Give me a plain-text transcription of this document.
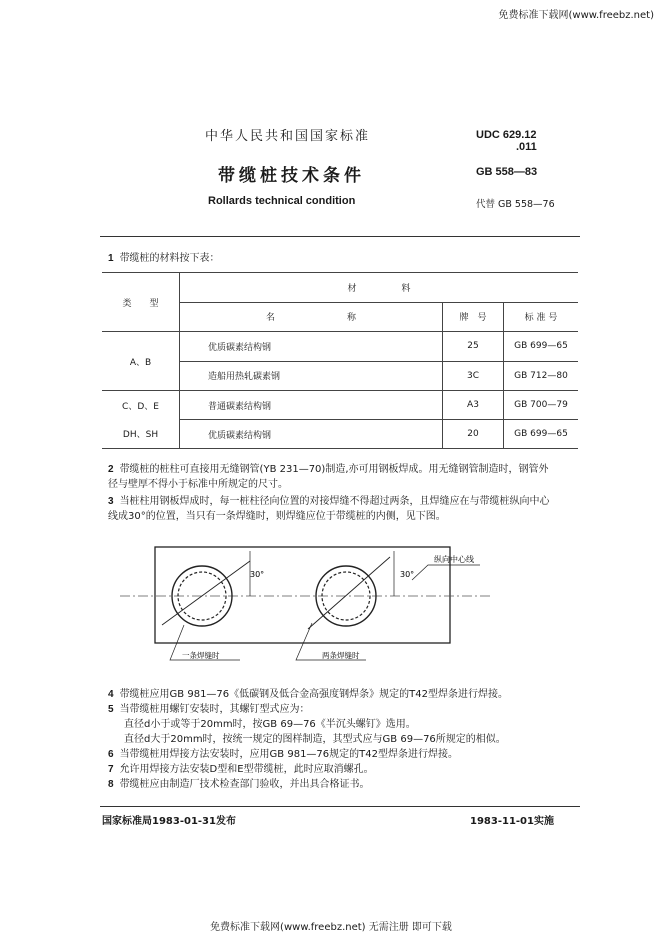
免费标准下载网(www.freebz.net)
中华人民共和国国家标准
带缆桩技术条件
Rollards technical condition
UDC 629.12
.011
GB 558—83
代替 GB 558—76
1 带缆桩的材料按下表：
类　　型	材　　　　　料		
	名　　　　　　　　称	牌　号	标 准 号
A、B	优质碳素结构钢	25	GB 699—65
	造船用热轧碳素钢	3C	GB 712—80
C、D、E	普通碳素结构钢	A3	GB 700—79
DH、SH	优质碳素结构钢	20	GB 699—65
2 带缆桩的桩柱可直接用无缝钢管(YB 231—70)制造,亦可用钢板焊成。用无缝钢管制造时，钢管外
径与壁厚不得小于标准中所规定的尺寸。
3 当桩柱用钢板焊成时，每一桩柱径向位置的对接焊缝不得超过两条，且焊缝应在与带缆桩纵向中心
线成30°的位置，当只有一条焊缝时，则焊缝应位于带缆桩的内侧，见下图。
30°	30°
纵向中心线
一条焊缝时	两条焊缝时
4 带缆桩应用GB 981—76《低碳钢及低合金高强度钢焊条》规定的T42型焊条进行焊接。
5 当带缆桩用螺钉安装时，其螺钉型式应为：
直径d小于或等于20mm时，按GB 69—76《半沉头螺钉》选用。
直径d大于20mm时，按统一规定的图样制造，其型式应与GB 69—76所规定的相似。
6 当带缆桩用焊接方法安装时，应用GB 981—76规定的T42型焊条进行焊接。
7 允许用焊接方法安装D型和E型带缆桩，此时应取消螺孔。
8 带缆桩应由制造厂技术检查部门验收，并出具合格证书。
国家标准局1983-01-31发布	1983-11-01实施
免费标准下载网(www.freebz.net) 无需注册 即可下载
